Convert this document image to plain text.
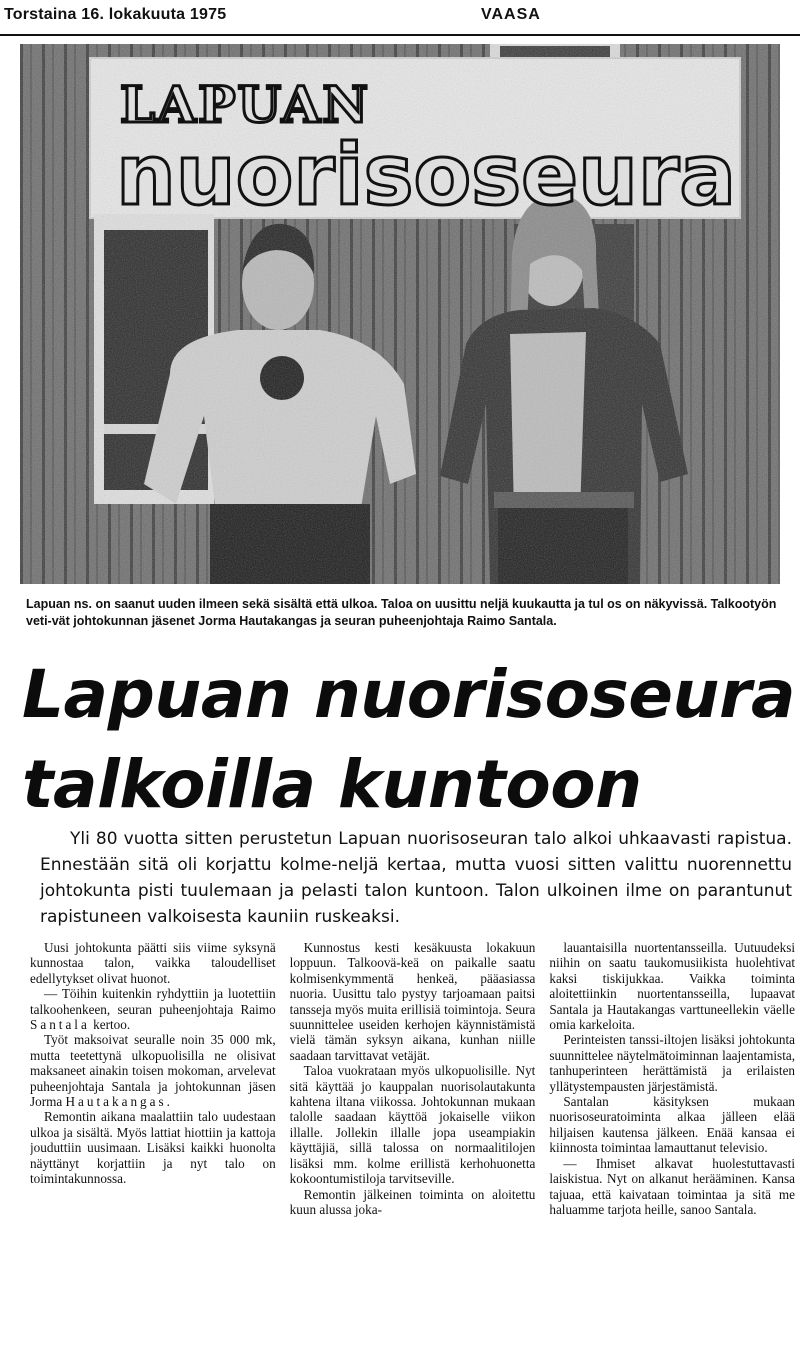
Torstaina 16. lokakuuta 1975	VAASA
LAPUAN
nuorisoseura
Lapuan ns. on saanut uuden ilmeen sekä sisältä että ulkoa. Taloa on uusittu neljä kuukautta ja tul os on näkyvissä. Talkootyön veti-vät johtokunnan jäsenet Jorma Hautakangas ja seuran puheenjohtaja Raimo Santala.
Lapuan nuorisoseura
talkoilla kuntoon
Yli 80 vuotta sitten perustetun Lapuan nuorisoseuran talo alkoi uhkaavasti rapistua. Ennestään sitä oli korjattu kolme-neljä kertaa, mutta vuosi sitten valittu nuorennettu johtokunta pisti tuulemaan ja pelasti talon kuntoon. Talon ulkoinen ilme on parantunut rapistuneen valkoisesta kauniin ruskeaksi.

Uusi johtokunta päätti siis viime syksynä kunnostaa talon, vaikka taloudelliset edellytykset olivat huonot.

— Töihin kuitenkin ryhdyttiin ja luotettiin talkoohenkeen, seuran puheenjohtaja Raimo Santala kertoo.

Työt maksoivat seuralle noin 35 000 mk, mutta teetettynä ulkopuolisilla ne olisivat maksaneet ainakin toisen mokoman, arvelevat puheenjohtaja Santala ja johtokunnan jäsen Jorma Hautakangas.

Remontin aikana maalattiin talo uudestaan ulkoa ja sisältä. Myös lattiat hiottiin ja kattoja jouduttiin uusimaan. Lisäksi kaikki huonolta näyttänyt korjattiin ja nyt talo on toimintakunnossa.

Kunnostus kesti kesäkuusta lokakuun loppuun. Talkoovä-keä on paikalle saatu kolmisenkymmentä henkeä, pääasiassa nuoria. Uusittu talo pystyy tarjoamaan paitsi tansseja myös muita erillisiä toimintoja. Seura suunnittelee useiden kerhojen käynnistämistä vielä tämän syksyn aikana, kunhan niille saadaan tarvittavat vetäjät.

Taloa vuokrataan myös ulkopuolisille. Nyt sitä käyttää jo kauppalan nuorisolautakunta kahtena iltana viikossa. Johtokunnan mukaan talolle saadaan käyttöä jokaiselle viikon illalle. Jollekin illalle jopa useampiakin käyttäjiä, sillä talossa on normaalitilojen lisäksi mm. kolme erillistä kerhohuonetta kokoontumistiloja tarvitseville.

Remontin jälkeinen toiminta on aloitettu kuun alussa joka-

lauantaisilla nuortentansseilla. Uutuudeksi niihin on saatu taukomusiikista huolehtivat kaksi tiskijukkaa. Vaikka toiminta aloitettiinkin nuortentansseilla, lupaavat Santala ja Hautakangas varttuneellekin väelle omia karkeloita.

Perinteisten tanssi-iltojen lisäksi johtokunta suunnittelee näytelmätoiminnan laajentamista, tanhuperinteen herättämistä ja erilaisten yllätystempausten järjestämistä.

Santalan käsityksen mukaan nuorisoseuratoiminta alkaa jälleen elää hiljaisen kautensa jälkeen. Enää kansaa ei kiinnosta toimintaa lamauttanut televisio.

— Ihmiset alkavat huolestuttavasti laiskistua. Nyt on alkanut herääminen. Kansa tajuaa, että kaivataan toimintaa ja sitä me haluamme tarjota heille, sanoo Santala.
